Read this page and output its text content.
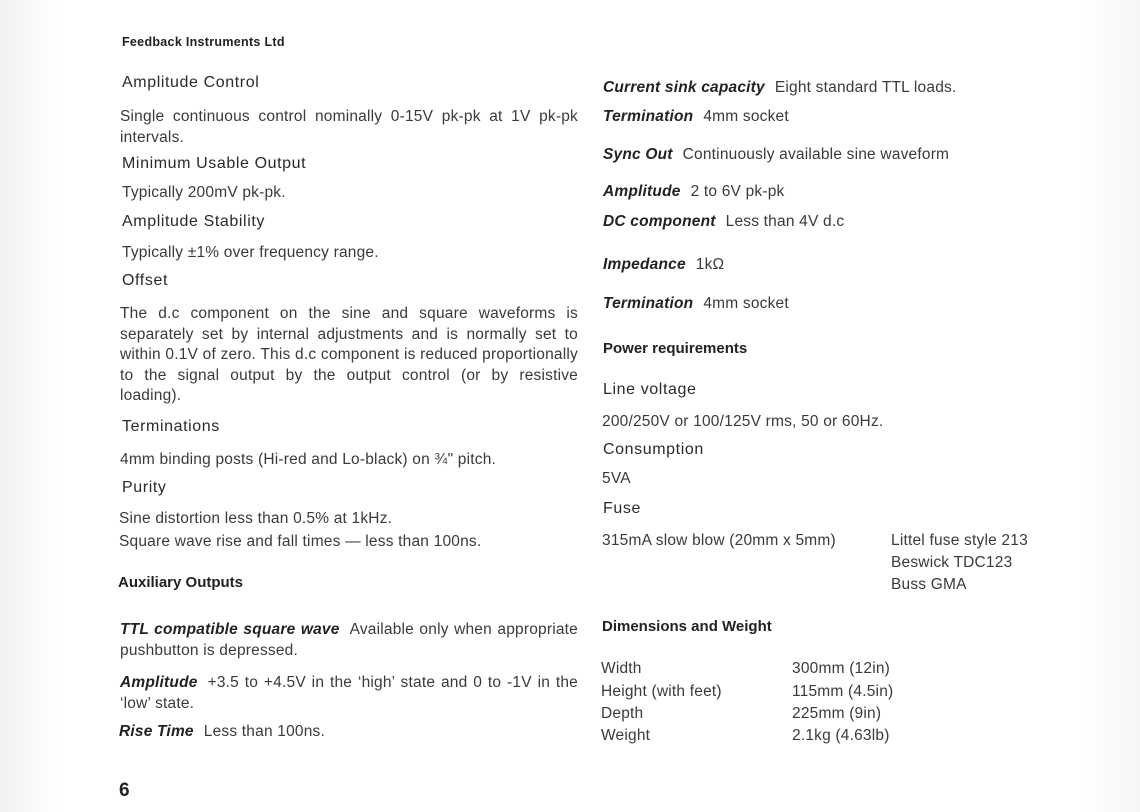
Feedback Instruments Ltd
Amplitude Control
Single continuous control nominally 0-15V pk-pk at 1V pk-pk intervals.
Minimum Usable Output
Typically 200mV pk-pk.
Amplitude Stability
Typically ±1% over frequency range.
Offset
The d.c component on the sine and square waveforms is separately set by internal adjustments and is normally set to within 0.1V of zero. This d.c component is reduced proportionally to the signal output by the output control (or by resistive loading).
Terminations
4mm binding posts (Hi-red and Lo-black) on ¾" pitch.
Purity
Sine distortion less than 0.5% at 1kHz.
Square wave rise and fall times — less than 100ns.
Auxiliary Outputs
TTL compatible square wave Available only when appropriate pushbutton is depressed.
Amplitude +3.5 to +4.5V in the ‘high’ state and 0 to -1V in the ‘low’ state.
Rise Time Less than 100ns.
6
Current sink capacity Eight standard TTL loads.
Termination 4mm socket
Sync Out Continuously available sine waveform
Amplitude 2 to 6V pk-pk
DC component Less than 4V d.c
Impedance 1kΩ
Termination 4mm socket
Power requirements
Line voltage
200/250V or 100/125V rms, 50 or 60Hz.
Consumption
5VA
Fuse
315mA slow blow (20mm x 5mm)	Littel fuse style 213
Beswick TDC123
Buss GMA
Dimensions and Weight
Width	300mm (12in)
Height (with feet)	115mm (4.5in)
Depth	225mm (9in)
Weight	2.1kg (4.63lb)
